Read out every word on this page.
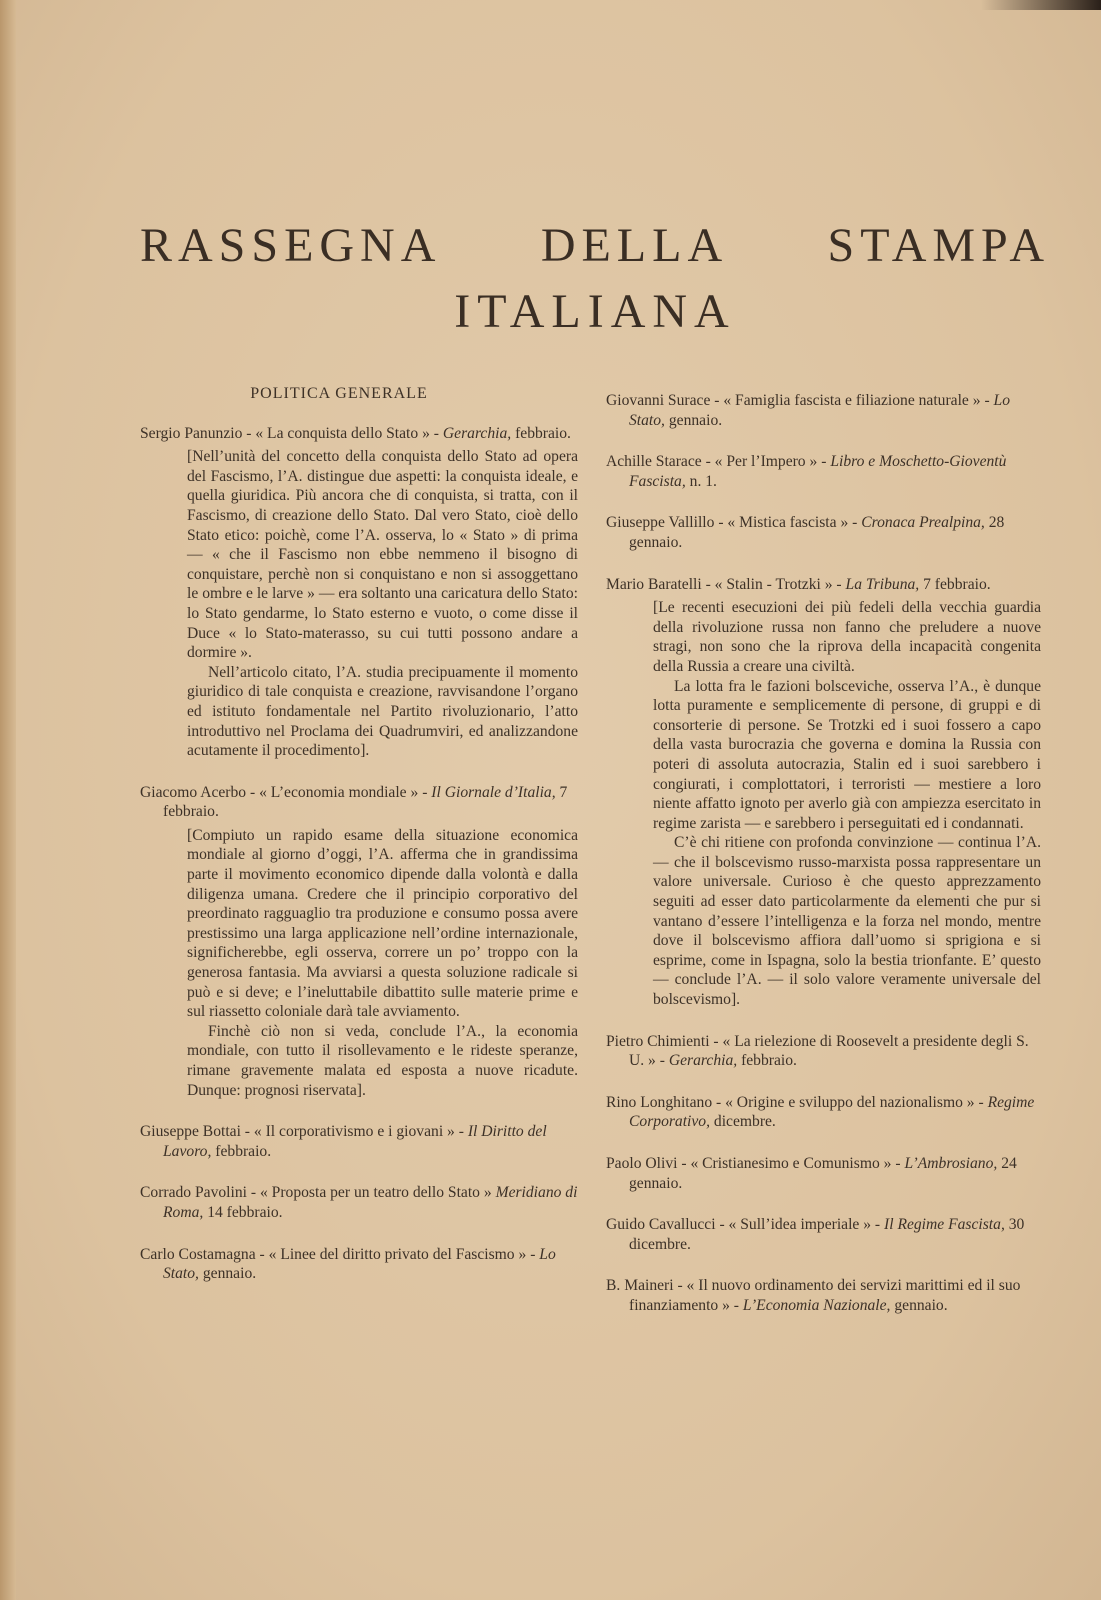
RASSEGNA DELLA STAMPA
ITALIANA
POLITICA GENERALE
Sergio Panunzio - « La conquista dello Stato » - Gerarchia, febbraio.

[Nell’unità del concetto della conquista dello Stato ad opera del Fascismo, l’A. distingue due aspetti: la conquista ideale, e quella giuridica. Più ancora che di conquista, si tratta, con il Fascismo, di creazione dello Stato. Dal vero Stato, cioè dello Stato etico: poichè, come l’A. osserva, lo « Stato » di prima — « che il Fascismo non ebbe nemmeno il bisogno di conquistare, perchè non si conquistano e non si assoggettano le ombre e le larve » — era soltanto una caricatura dello Stato: lo Stato gendarme, lo Stato esterno e vuoto, o come disse il Duce « lo Stato-materasso, su cui tutti possono andare a dormire ».

Nell’articolo citato, l’A. studia precipuamente il momento giuridico di tale conquista e creazione, ravvisandone l’organo ed istituto fondamentale nel Partito rivoluzionario, l’atto introduttivo nel Proclama dei Quadrumviri, ed analizzandone acutamente il procedimento].

Giacomo Acerbo - « L’economia mondiale » - Il Giornale d’Italia, 7 febbraio.

[Compiuto un rapido esame della situazione economica mondiale al giorno d’oggi, l’A. afferma che in grandissima parte il movimento economico dipende dalla volontà e dalla diligenza umana. Credere che il principio corporativo del preordinato ragguaglio tra produzione e consumo possa avere prestissimo una larga applicazione nell’ordine internazionale, significherebbe, egli osserva, correre un po’ troppo con la generosa fantasia. Ma avviarsi a questa soluzione radicale si può e si deve; e l’ineluttabile dibattito sulle materie prime e sul riassetto coloniale darà tale avviamento.

Finchè ciò non si veda, conclude l’A., la economia mondiale, con tutto il risollevamento e le rideste speranze, rimane gravemente malata ed esposta a nuove ricadute. Dunque: prognosi riservata].

Giuseppe Bottai - « Il corporativismo e i giovani » - Il Diritto del Lavoro, febbraio.
Corrado Pavolini - « Proposta per un teatro dello Stato » Meridiano di Roma, 14 febbraio.
Carlo Costamagna - « Linee del diritto privato del Fascismo » - Lo Stato, gennaio.
Giovanni Surace - « Famiglia fascista e filiazione naturale » - Lo Stato, gennaio.
Achille Starace - « Per l’Impero » - Libro e Moschetto-Gioventù Fascista, n. 1.
Giuseppe Vallillo - « Mistica fascista » - Cronaca Prealpina, 28 gennaio.
Mario Baratelli - « Stalin - Trotzki » - La Tribuna, 7 febbraio.

[Le recenti esecuzioni dei più fedeli della vecchia guardia della rivoluzione russa non fanno che preludere a nuove stragi, non sono che la riprova della incapacità congenita della Russia a creare una civiltà.

La lotta fra le fazioni bolsceviche, osserva l’A., è dunque lotta puramente e semplicemente di persone, di gruppi e di consorterie di persone. Se Trotzki ed i suoi fossero a capo della vasta burocrazia che governa e domina la Russia con poteri di assoluta autocrazia, Stalin ed i suoi sarebbero i congiurati, i complottatori, i terroristi — mestiere a loro niente affatto ignoto per averlo già con ampiezza esercitato in regime zarista — e sarebbero i perseguitati ed i condannati.

C’è chi ritiene con profonda convinzione — continua l’A. — che il bolscevismo russo-marxista possa rappresentare un valore universale. Curioso è che questo apprezzamento seguiti ad esser dato particolarmente da elementi che pur si vantano d’essere l’intelligenza e la forza nel mondo, mentre dove il bolscevismo affiora dall’uomo si sprigiona e si esprime, come in Ispagna, solo la bestia trionfante. E’ questo — conclude l’A. — il solo valore veramente universale del bolscevismo].

Pietro Chimienti - « La rielezione di Roosevelt a presidente degli S. U. » - Gerarchia, febbraio.
Rino Longhitano - « Origine e sviluppo del nazionalismo » - Regime Corporativo, dicembre.
Paolo Olivi - « Cristianesimo e Comunismo » - L’Ambrosiano, 24 gennaio.
Guido Cavallucci - « Sull’idea imperiale » - Il Regime Fascista, 30 dicembre.
B. Maineri - « Il nuovo ordinamento dei servizi marittimi ed il suo finanziamento » - L’Economia Nazionale, gennaio.
